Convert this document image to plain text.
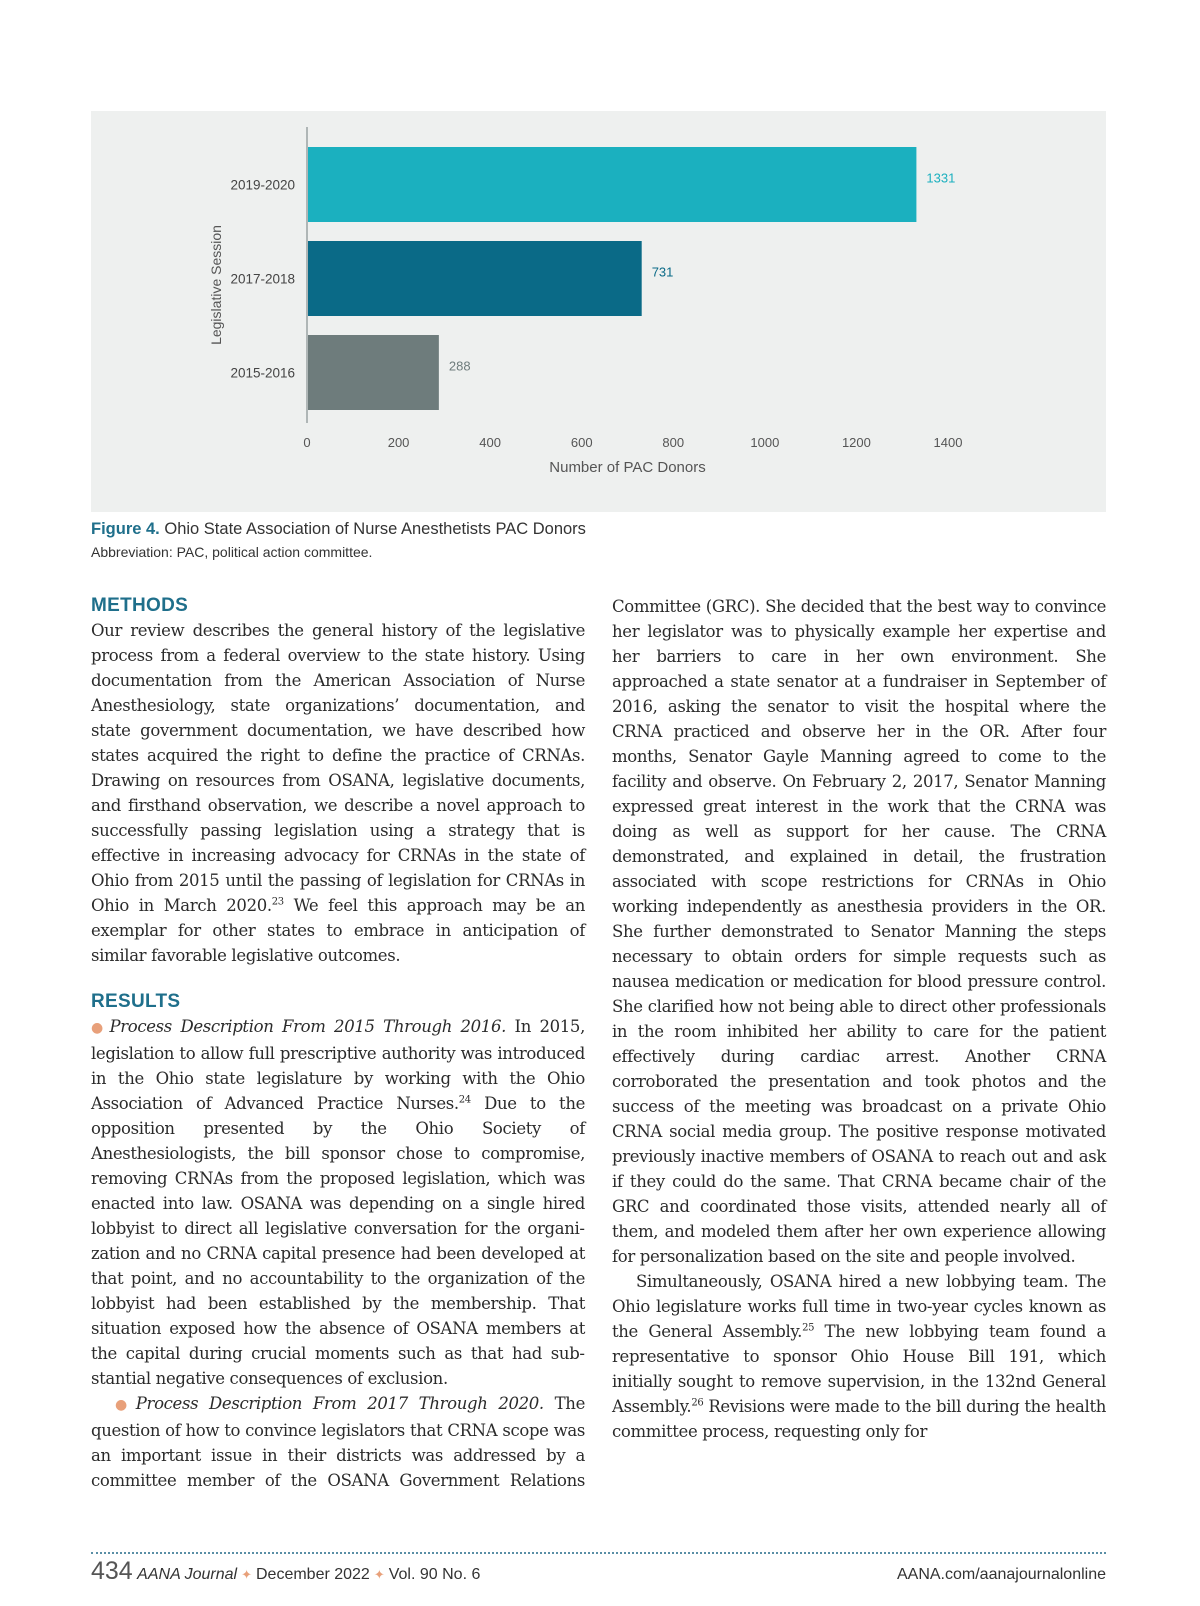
2019-2020	1331
2017-2018	731
2015-2016	288
0	200	400	600	800	1000	1200	1400
Number of PAC Donors
Legislative Session

Figure 4. Ohio State Association of Nurse Anesthetists PAC Donors

Abbreviation: PAC, political action committee.

METHODS

Our review describes the general history of the legislative process from a federal overview to the state history. Using documentation from the American Association of Nurse Anesthesiology, state organizations’ documentation, and state government documentation, we have described how states acquired the right to define the practice of CRNAs. Drawing on resources from OSANA, legislative documents, and firsthand observation, we describe a novel approach to successfully passing legislation using a strategy that is effective in increasing advocacy for CRNAs in the state of Ohio from 2015 until the passing of legislation for CRNAs in Ohio in March 2020.23 We feel this approach may be an exemplar for other states to embrace in anticipation of similar favorable legislative outcomes.

RESULTS

● Process Description From 2015 Through 2016. In 2015, legislation to allow full prescriptive authority was introduced in the Ohio state legislature by working with the Ohio Association of Advanced Practice Nurses.$^{24}$ Due to the opposition presented by the Ohio Society of Anesthesiologists, the bill sponsor chose to compromise, removing CRNAs from the proposed legislation, which was enacted into law. OSANA was depending on a single hired lobbyist to direct all legislative conversation for the organization and no CRNA capital presence had been developed at that point, and no accountability to the organization of the lobbyist had been established by the membership. That situation exposed how the absence of OSANA members at the capital during crucial moments such as that had substantial negative consequences of exclusion.

● Process Description From 2017 Through 2020. The question of how to convince legislators that CRNA scope was an important issue in their districts was addressed by a committee member of the OSANA Government Relations

Committee (GRC). She decided that the best way to convince her legislator was to physically example her expertise and her barriers to care in her own environment. She approached a state senator at a fundraiser in September of 2016, asking the senator to visit the hospital where the CRNA practiced and observe her in the OR. After four months, Senator Gayle Manning agreed to come to the facility and observe. On February 2, 2017, Senator Manning expressed great interest in the work that the CRNA was doing as well as support for her cause. The CRNA demonstrated, and explained in detail, the frustration associated with scope restrictions for CRNAs in Ohio working independently as anesthesia providers in the OR. She further demonstrated to Senator Manning the steps necessary to obtain orders for simple requests such as nausea medication or medication for blood pressure control. She clarified how not being able to direct other professionals in the room inhibited her ability to care for the patient effectively during cardiac arrest. Another CRNA corroborated the presentation and took photos and the success of the meeting was broadcast on a private Ohio CRNA social media group. The positive response motivated previously inactive members of OSANA to reach out and ask if they could do the same. That CRNA became chair of the GRC and coordinated those visits, attended nearly all of them, and modeled them after her own experience allowing for personalization based on the site and people involved.

Simultaneously, OSANA hired a new lobbying team. The Ohio legislature works full time in two-year cycles known as the General Assembly.$^{25}$ The new lobbying team found a representative to sponsor Ohio House Bill 191, which initially sought to remove supervision, in the 132nd General Assembly.$^{26}$ Revisions were made to the bill during the health committee process, requesting only for

434 AANA Journal ✦ December 2022 ✦ Vol. 90 No. 6	AANA.com/aanajournalonline
